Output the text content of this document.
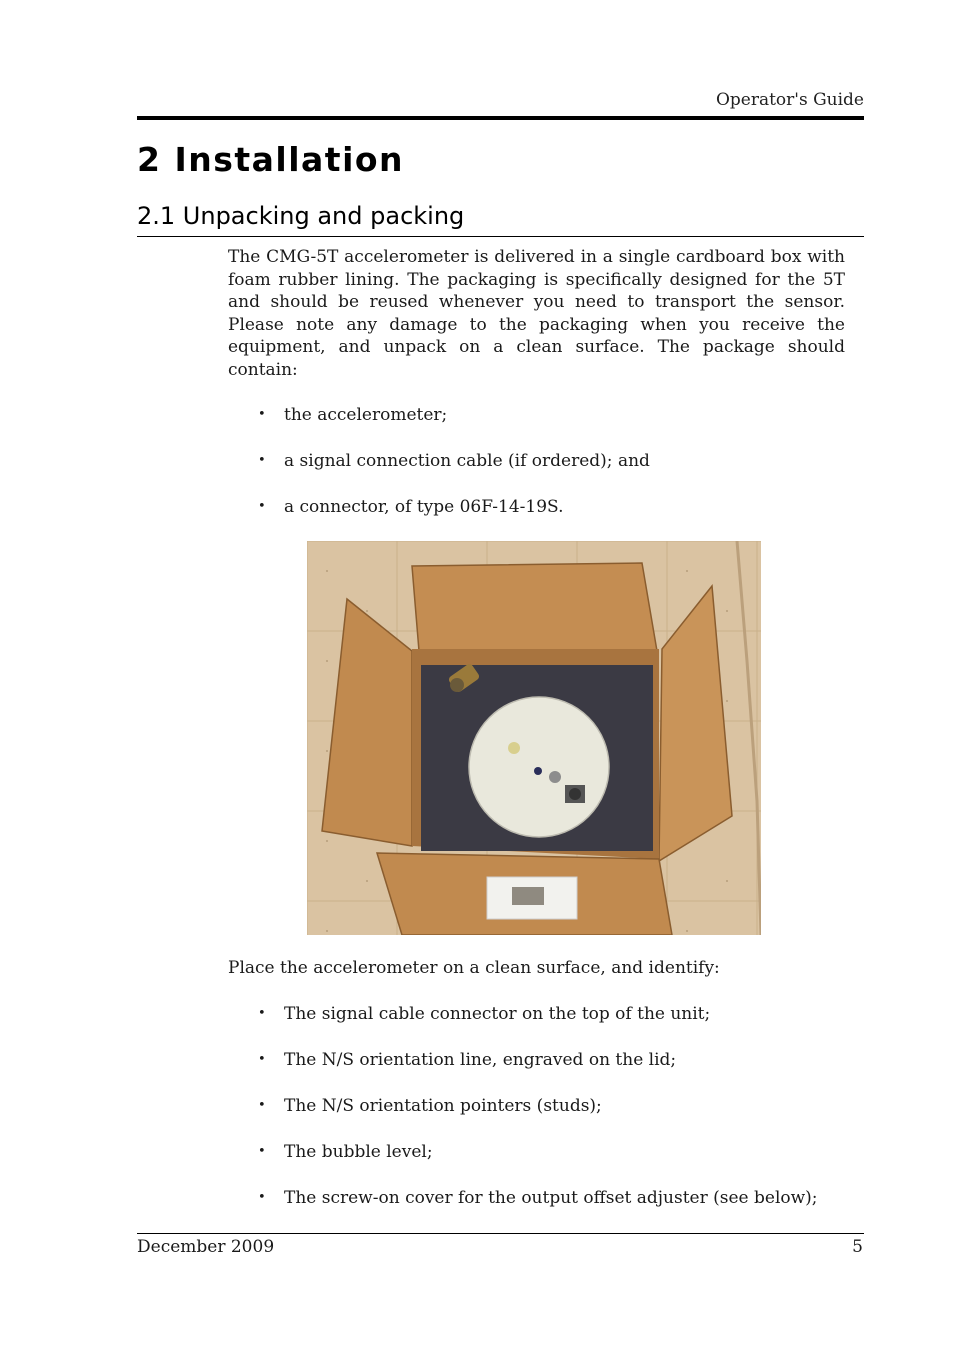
Operator's Guide
2 Installation
2.1 Unpacking and packing

The CMG-5T accelerometer is delivered in a single cardboard box with foam rubber lining. The packaging is specifically designed for the 5T and should be reused whenever you need to transport the sensor. Please note any damage to the packaging when you receive the equipment, and unpack on a clean surface. The package should contain:

• the accelerometer;
• a signal connection cable (if ordered); and
• a connector, of type 06F-14-19S.

Place the accelerometer on a clean surface, and identify:

• The signal cable connector on the top of the unit;
• The N/S orientation line, engraved on the lid;
• The N/S orientation pointers (studs);
• The bubble level;
• The screw-on cover for the output offset adjuster (see below);
December 2009	5
